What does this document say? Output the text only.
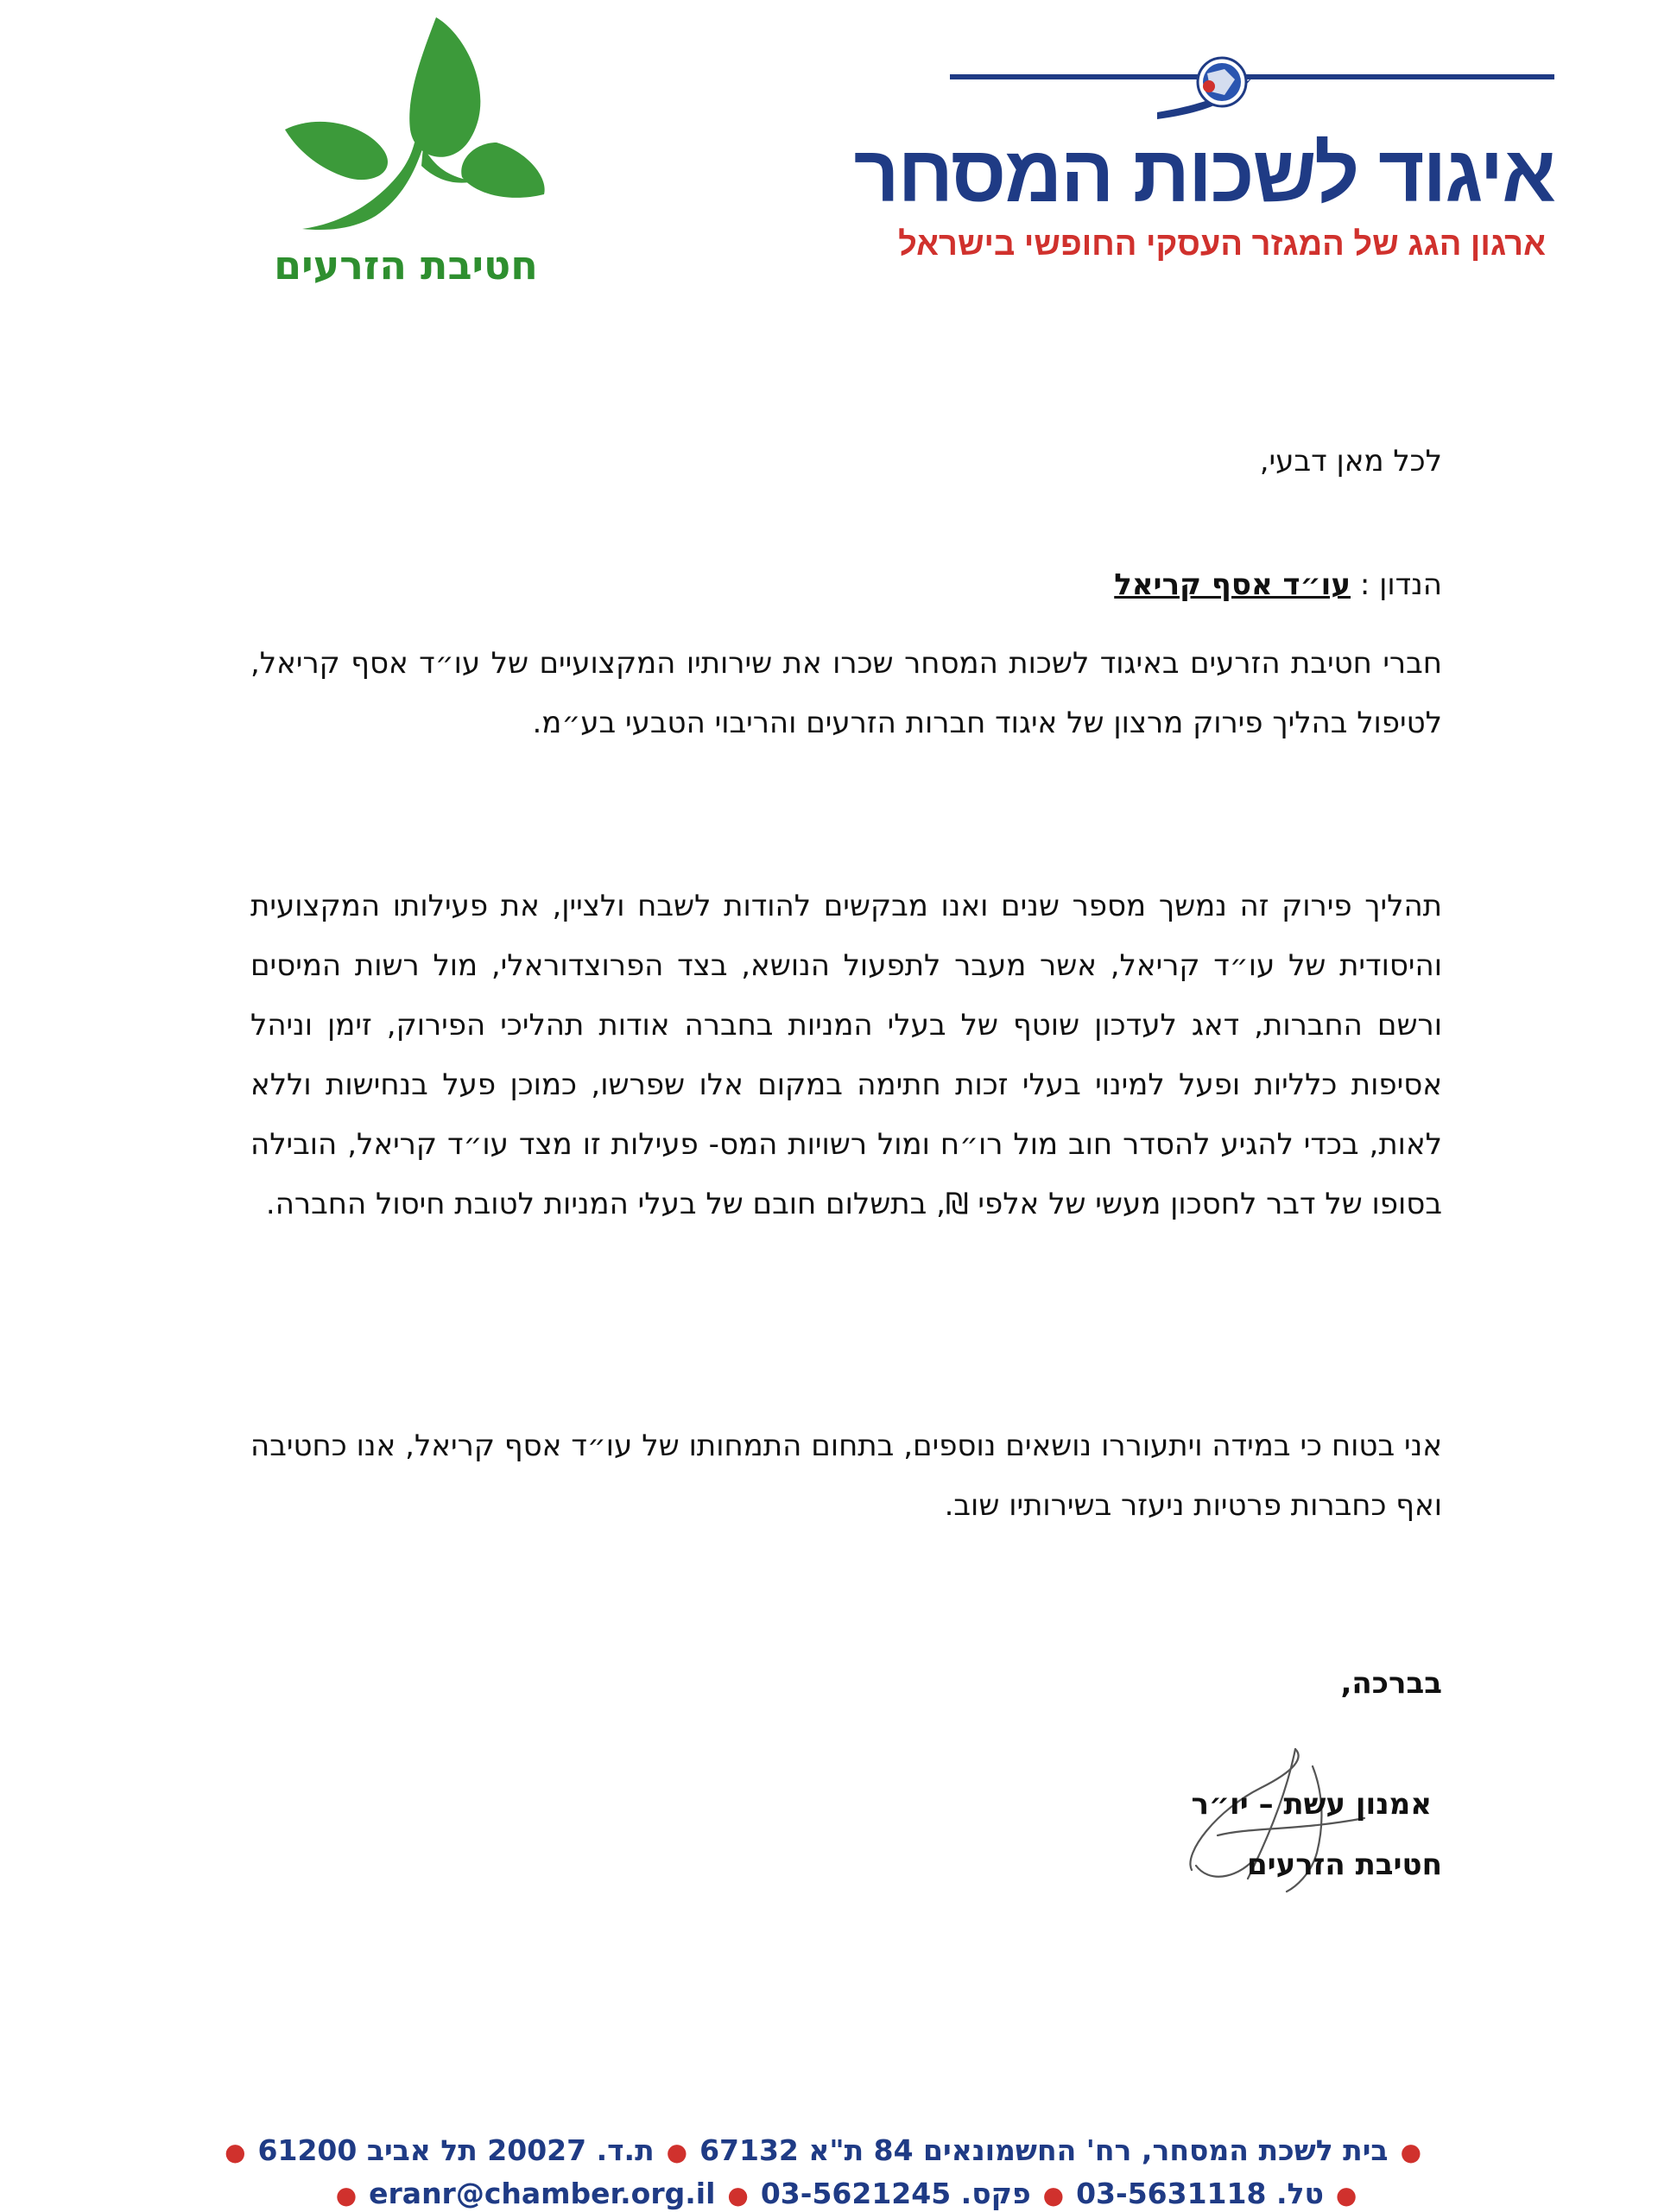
חטיבת הזרעים
איגוד לשכות המסחר
ארגון הגג של המגזר העסקי החופשי בישראל
לכל מאן דבעי,
הנדון : עו״ד אסף קריאל
חברי חטיבת הזרעים באיגוד לשכות המסחר שכרו את שירותיו המקצועיים של עו״ד אסף קריאל, לטיפול בהליך פירוק מרצון של איגוד חברות הזרעים והריבוי הטבעי בע״מ.
תהליך פירוק זה נמשך מספר שנים ואנו מבקשים להודות לשבח ולציין, את פעילותו המקצועית והיסודית של עו״ד קריאל, אשר מעבר לתפעול הנושא, בצד הפרוצדוראלי, מול רשות המיסים ורשם החברות, דאג לעדכון שוטף של בעלי המניות בחברה אודות תהליכי הפירוק, זימן וניהל אסיפות כלליות ופעל למינוי בעלי זכות חתימה במקום אלו שפרשו, כמוכן פעל בנחישות וללא לאות, בכדי להגיע להסדר חוב מול רו״ח ומול רשויות המס- פעילות זו מצד עו״ד קריאל, הובילה בסופו של דבר לחסכון מעשי של אלפי ₪, בתשלום חובם של בעלי המניות לטובת חיסול החברה.
אני בטוח כי במידה ויתעוררו נושאים נוספים, בתחום התמחותו של עו״ד אסף קריאל, אנו כחטיבה ואף כחברות פרטיות ניעזר בשירותיו שוב.
בברכה,
אמנון עשת – יו״ר
חטיבת הזרעים
●בית לשכת המסחר, רח' החשמונאים 84 ת"א 67132●ת.ד. 20027 תל אביב 61200●
●טל. 03-5631118●פקס. 03-5621245●eranr@chamber.org.il●
